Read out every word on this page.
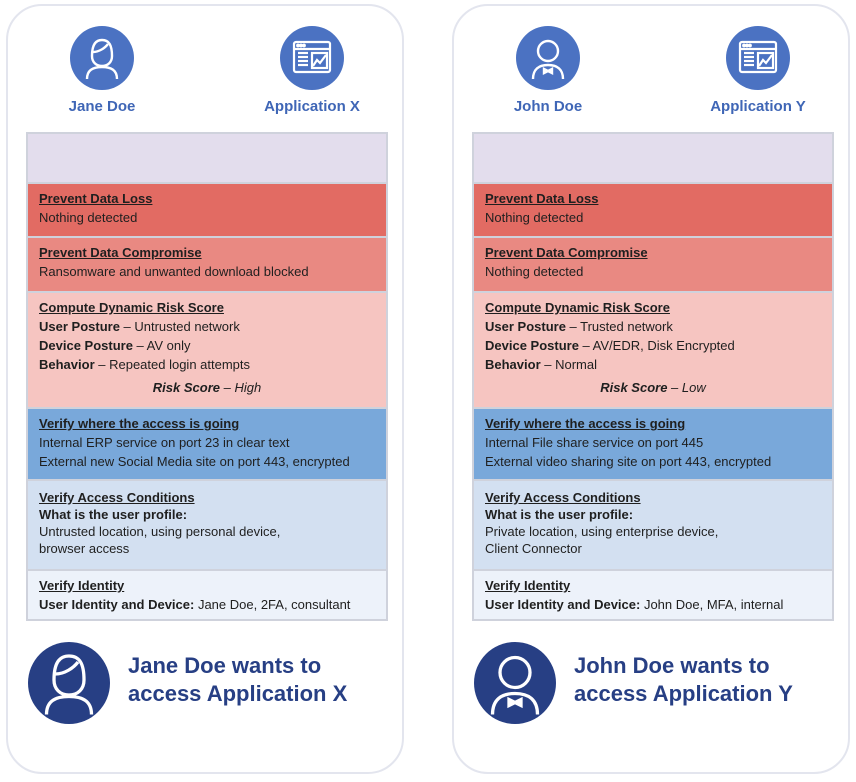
Jane Doe	Application X
Prevent Data Loss
Nothing detected
Prevent Data Compromise
Ransomware and unwanted download blocked
Compute Dynamic Risk Score
User Posture – Untrusted network
Device Posture – AV only
Behavior – Repeated login attempts
Risk Score – High
Verify where the access is going
Internal ERP service on port 23 in clear text
External new Social Media site on port 443, encrypted
Verify Access Conditions
What is the user profile:
Untrusted location, using personal device,
browser access
Verify Identity
User Identity and Device: Jane Doe, 2FA, consultant
Jane Doe wants to
access Application X
John Doe	Application Y
Prevent Data Loss
Nothing detected
Prevent Data Compromise
Nothing detected
Compute Dynamic Risk Score
User Posture – Trusted network
Device Posture – AV/EDR, Disk Encrypted
Behavior – Normal
Risk Score – Low
Verify where the access is going
Internal File share service on port 445
External video sharing site on port 443, encrypted
Verify Access Conditions
What is the user profile:
Private location, using enterprise device,
Client Connector
Verify Identity
User Identity and Device: John Doe, MFA, internal
John Doe wants to
access Application Y
